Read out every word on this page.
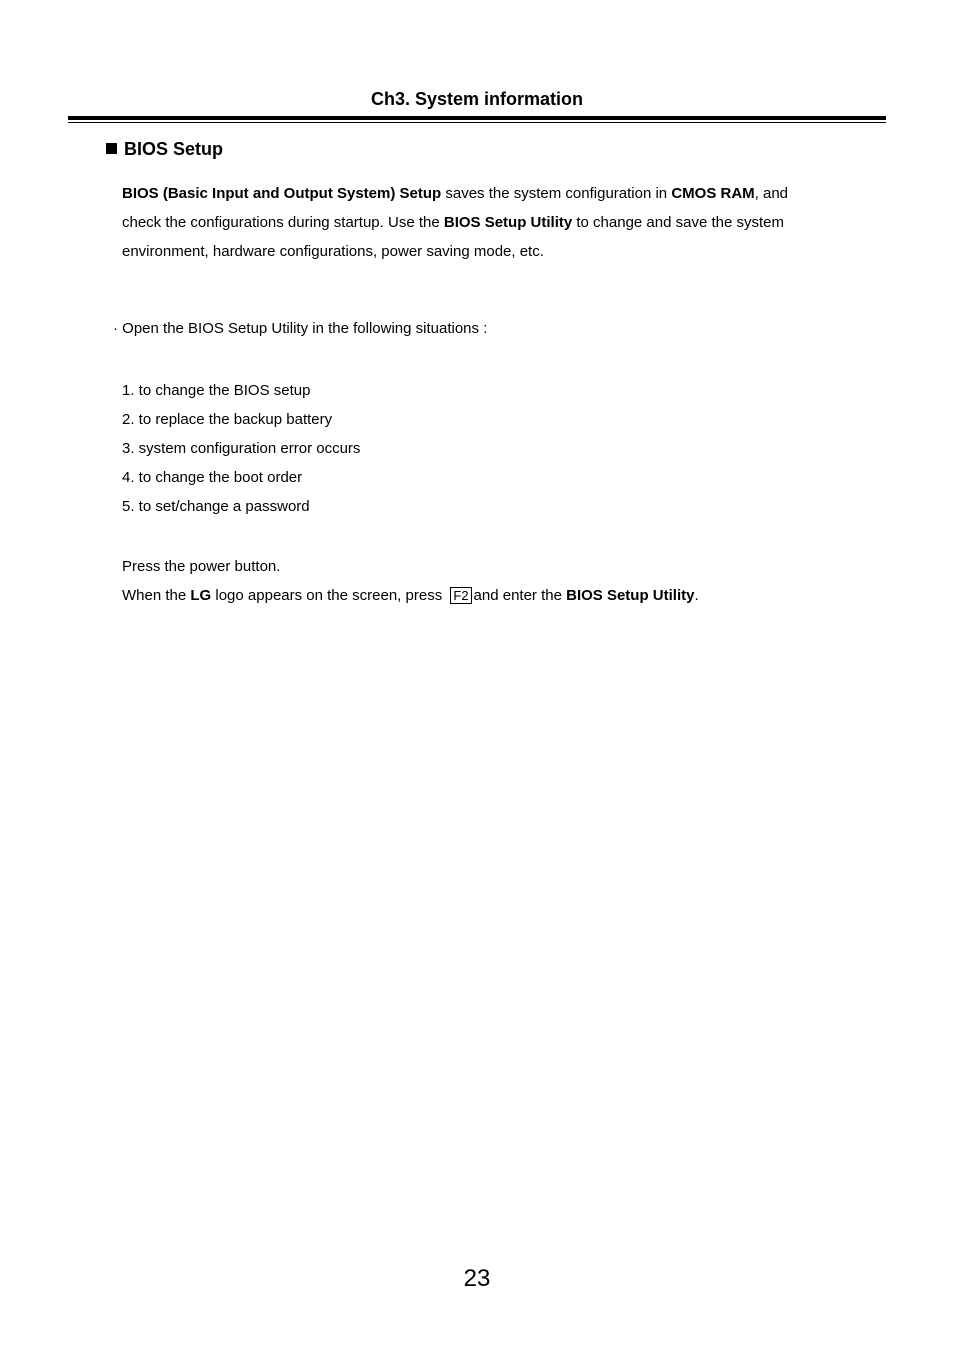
Ch3. System information
BIOS Setup
BIOS (Basic Input and Output System) Setup saves the system configuration in CMOS RAM, and
check the configurations during startup. Use the BIOS Setup Utility to change and save the system
environment, hardware configurations, power saving mode, etc.
· Open the BIOS Setup Utility in the following situations :
1. to change the BIOS setup
2. to replace the backup battery
3. system configuration error occurs
4. to change the boot order
5. to set/change a password
Press the power button.
When the LG logo appears on the screen, press F2 and enter the BIOS Setup Utility.
23
